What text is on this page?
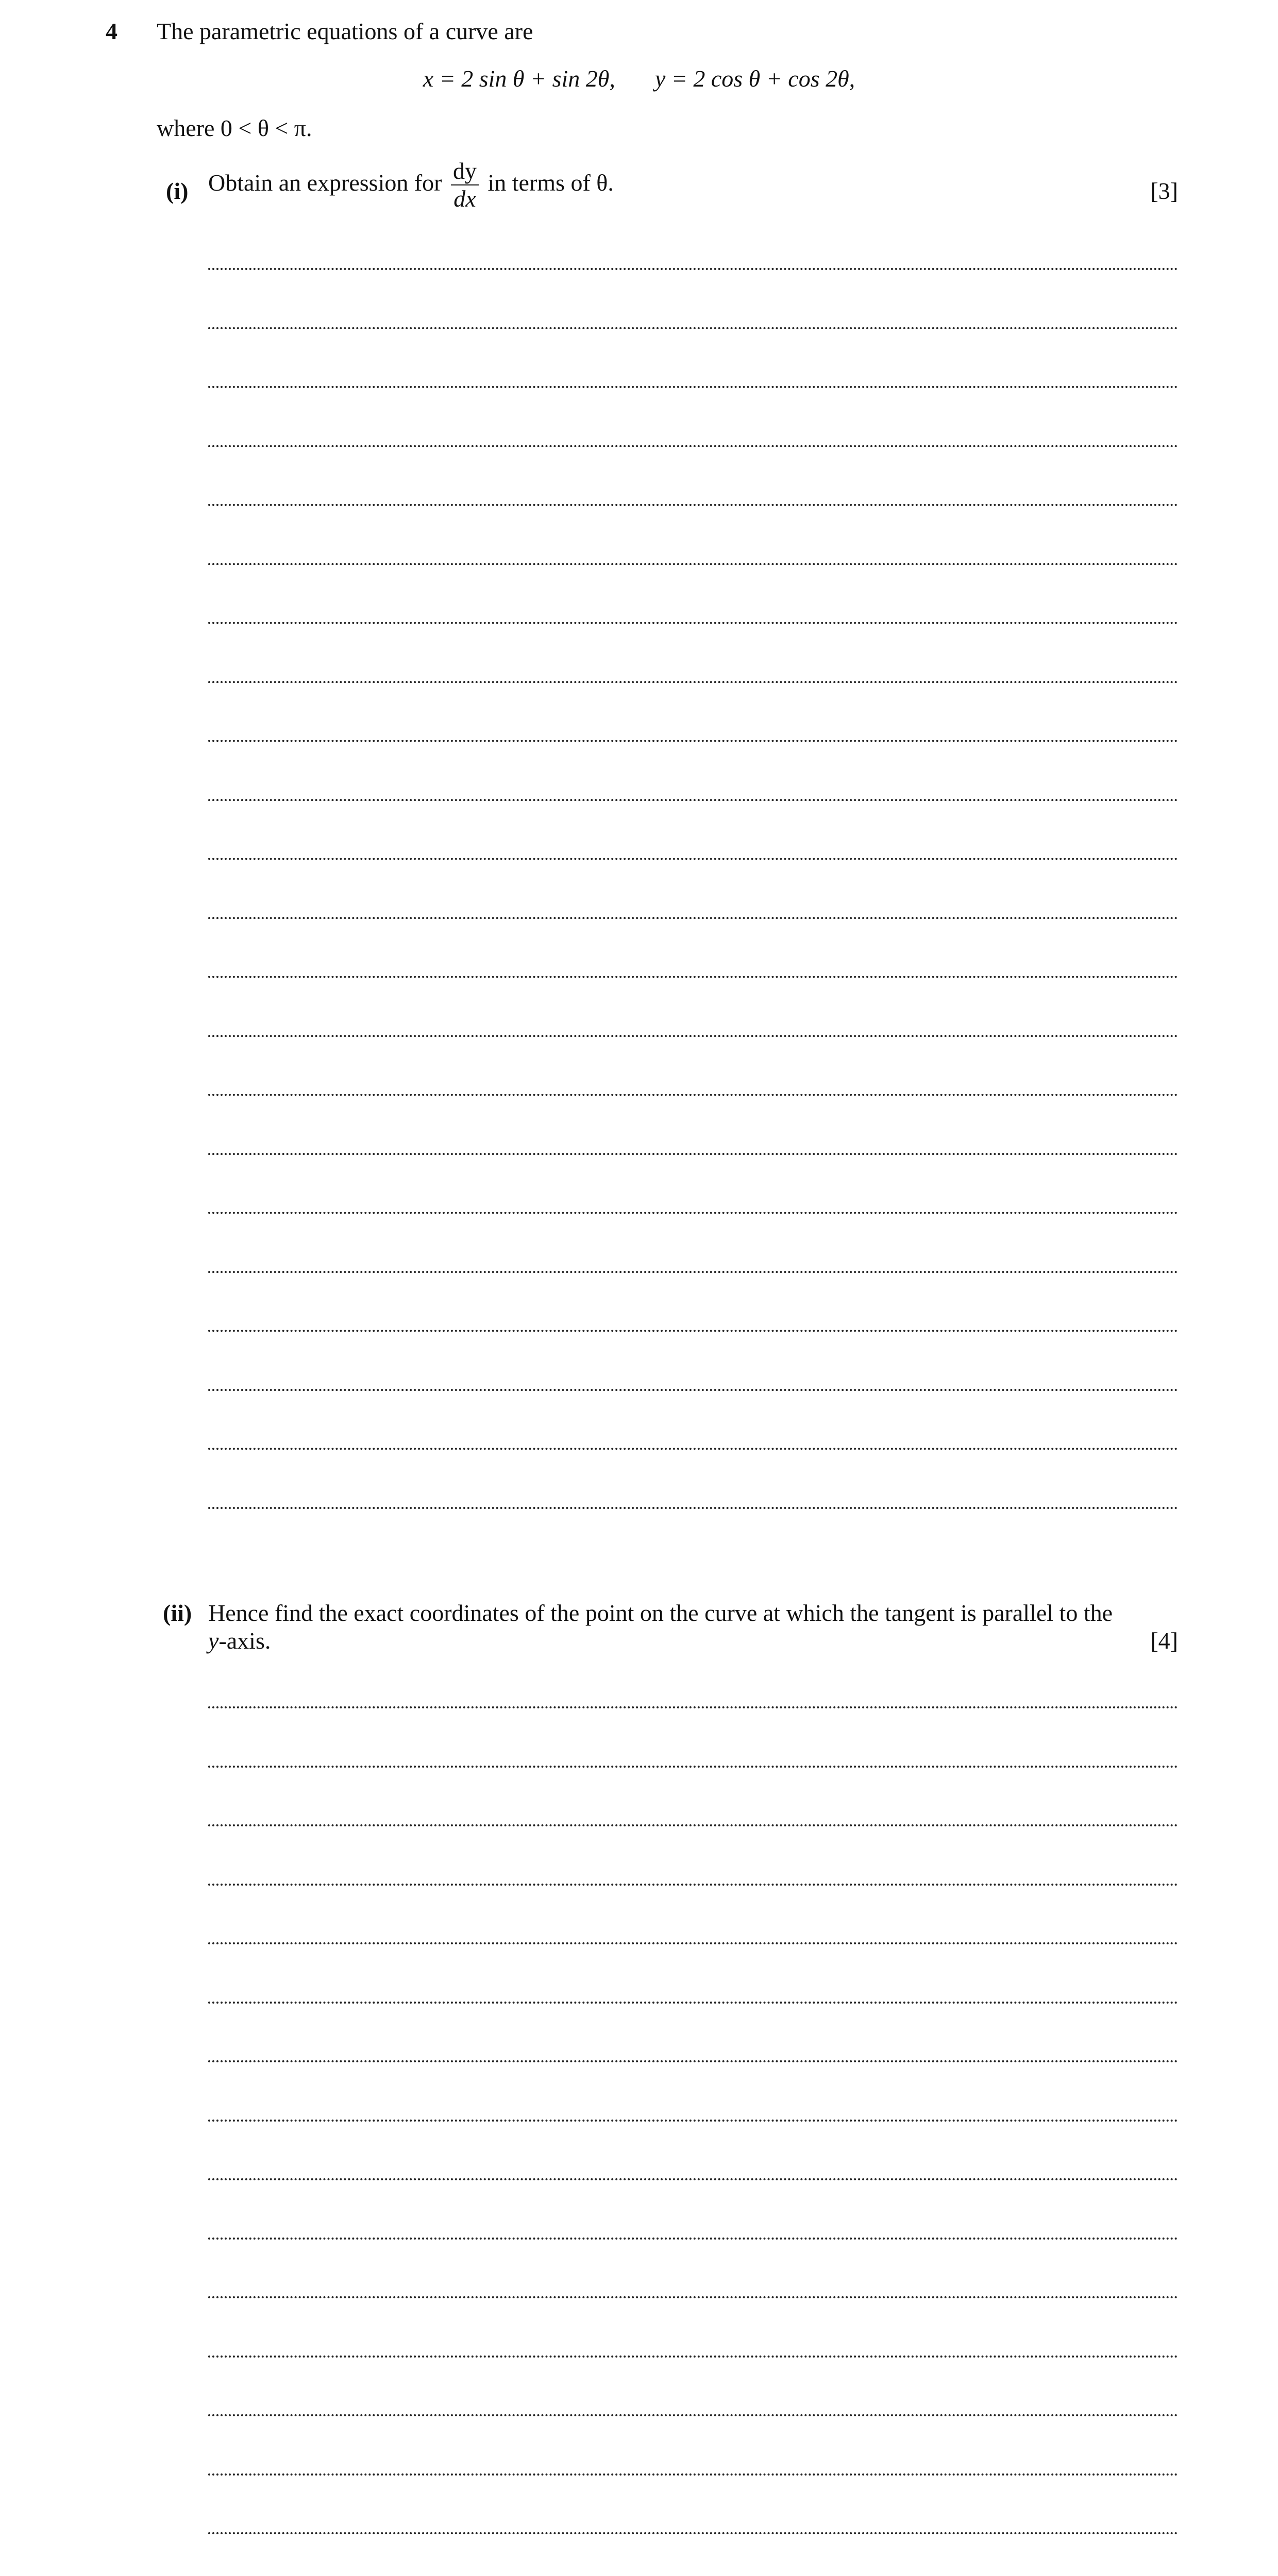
4 The parametric equations of a curve are
x = 2 sin θ + sin 2θ, y = 2 cos θ + cos 2θ,
where 0 < θ < π.
(i) Obtain an expression for $\frac{dy}{dx}$ in terms of θ.	[3]
(ii) Hence find the exact coordinates of the point on the curve at which the tangent is parallel to the
y-axis.	[4]
